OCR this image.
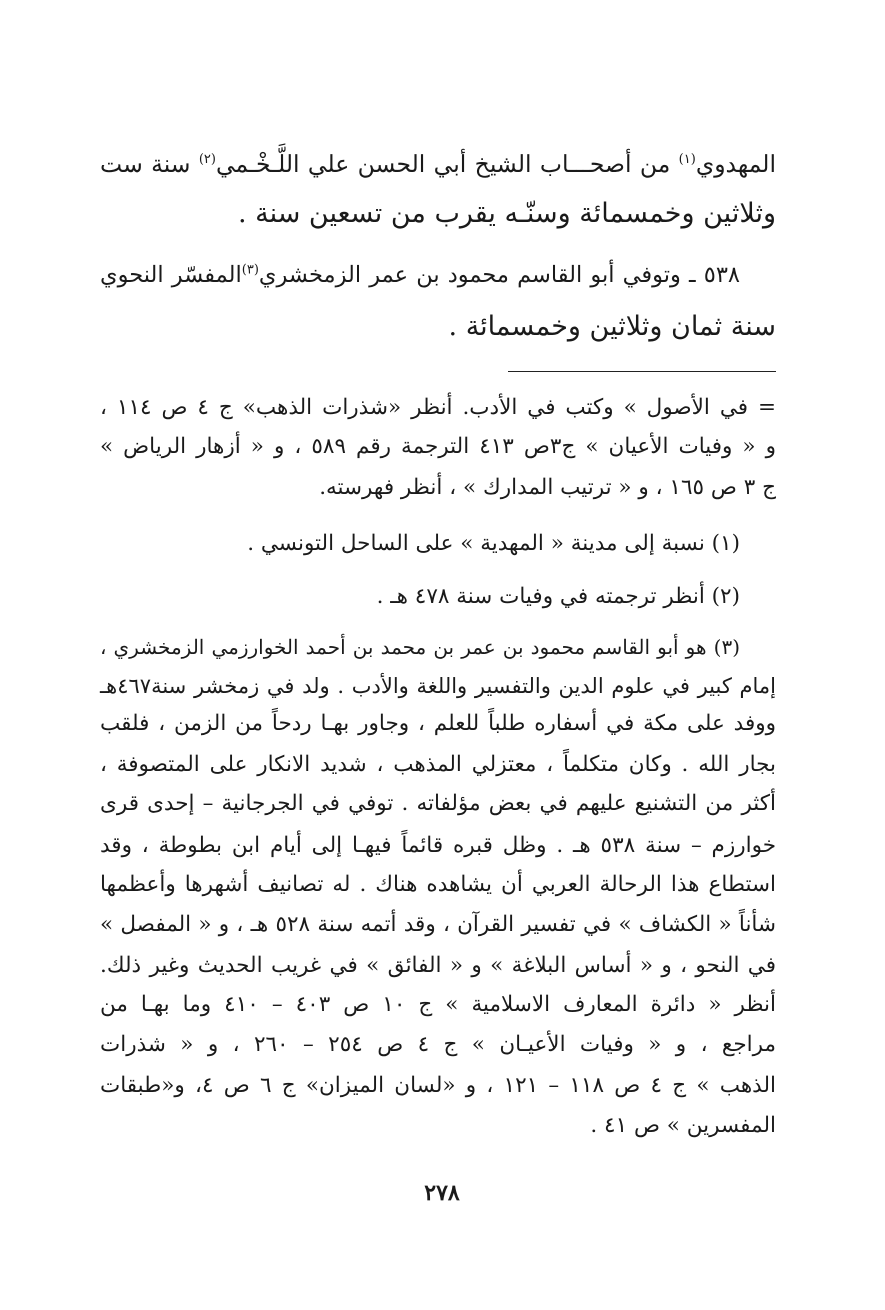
المهدوي$^{(١)}$ من أصحـــاب الشيخ أبي الحسن علي اللَّـخْـمي$^{(٢)}$ سنة ست
وثلاثين وخمسمائة وسنّـه يقرب من تسعين سنة .
٥٣٨ ـ وتوفي أبو القاسم محمود بن عمر الزمخشري$^{(٣)}$المفسّر النحوي
سنة ثمان وثلاثين وخمسمائة .
= في الأصول » وكتب في الأدب. أنظر «شذرات الذهب» ج ٤ ص ١١٤ ،
و « وفيات الأعيان » ج٣ص ٤١٣ الترجمة رقم ٥٨٩ ، و « أزهار الرياض »
ج ٣ ص ١٦٥ ، و « ترتيب المدارك » ، أنظر فهرسته.
(١) نسبة إلى مدينة « المهدية » على الساحل التونسي .
(٢) أنظر ترجمته في وفيات سنة ٤٧٨ هـ .
(٣) هو أبو القاسم محمود بن عمر بن محمد بن أحمد الخوارزمي الزمخشري ،
إمام كبير في علوم الدين والتفسير واللغة والأدب . ولد في زمخشر سنة٤٦٧هـ
ووفد على مكة في أسفاره طلباً للعلم ، وجاور بهـا ردحاً من الزمن ، فلقب
بجار الله . وكان متكلماً ، معتزلي المذهب ، شديد الانكار على المتصوفة ،
أكثر من التشنيع عليهم في بعض مؤلفاته . توفي في الجرجانية – إحدى قرى
خوارزم – سنة ٥٣٨ هـ . وظل قبره قائماً فيهـا إلى أيام ابن بطوطة ، وقد
استطاع هذا الرحالة العربي أن يشاهده هناك . له تصانيف أشهرها وأعظمها
شأناً « الكشاف » في تفسير القرآن ، وقد أتمه سنة ٥٢٨ هـ ، و « المفصل »
في النحو ، و « أساس البلاغة » و « الفائق » في غريب الحديث وغير ذلك.
أنظر « دائرة المعارف الاسلامية » ج ١٠ ص ٤٠٣ – ٤١٠ وما بهـا من
مراجع ، و « وفيات الأعيـان » ج ٤ ص ٢٥٤ – ٢٦٠ ، و « شذرات
الذهب » ج ٤ ص ١١٨ – ١٢١ ، و «لسان الميزان» ج ٦ ص ٤، و«طبقات
المفسرين » ص ٤١ .
٢٧٨
